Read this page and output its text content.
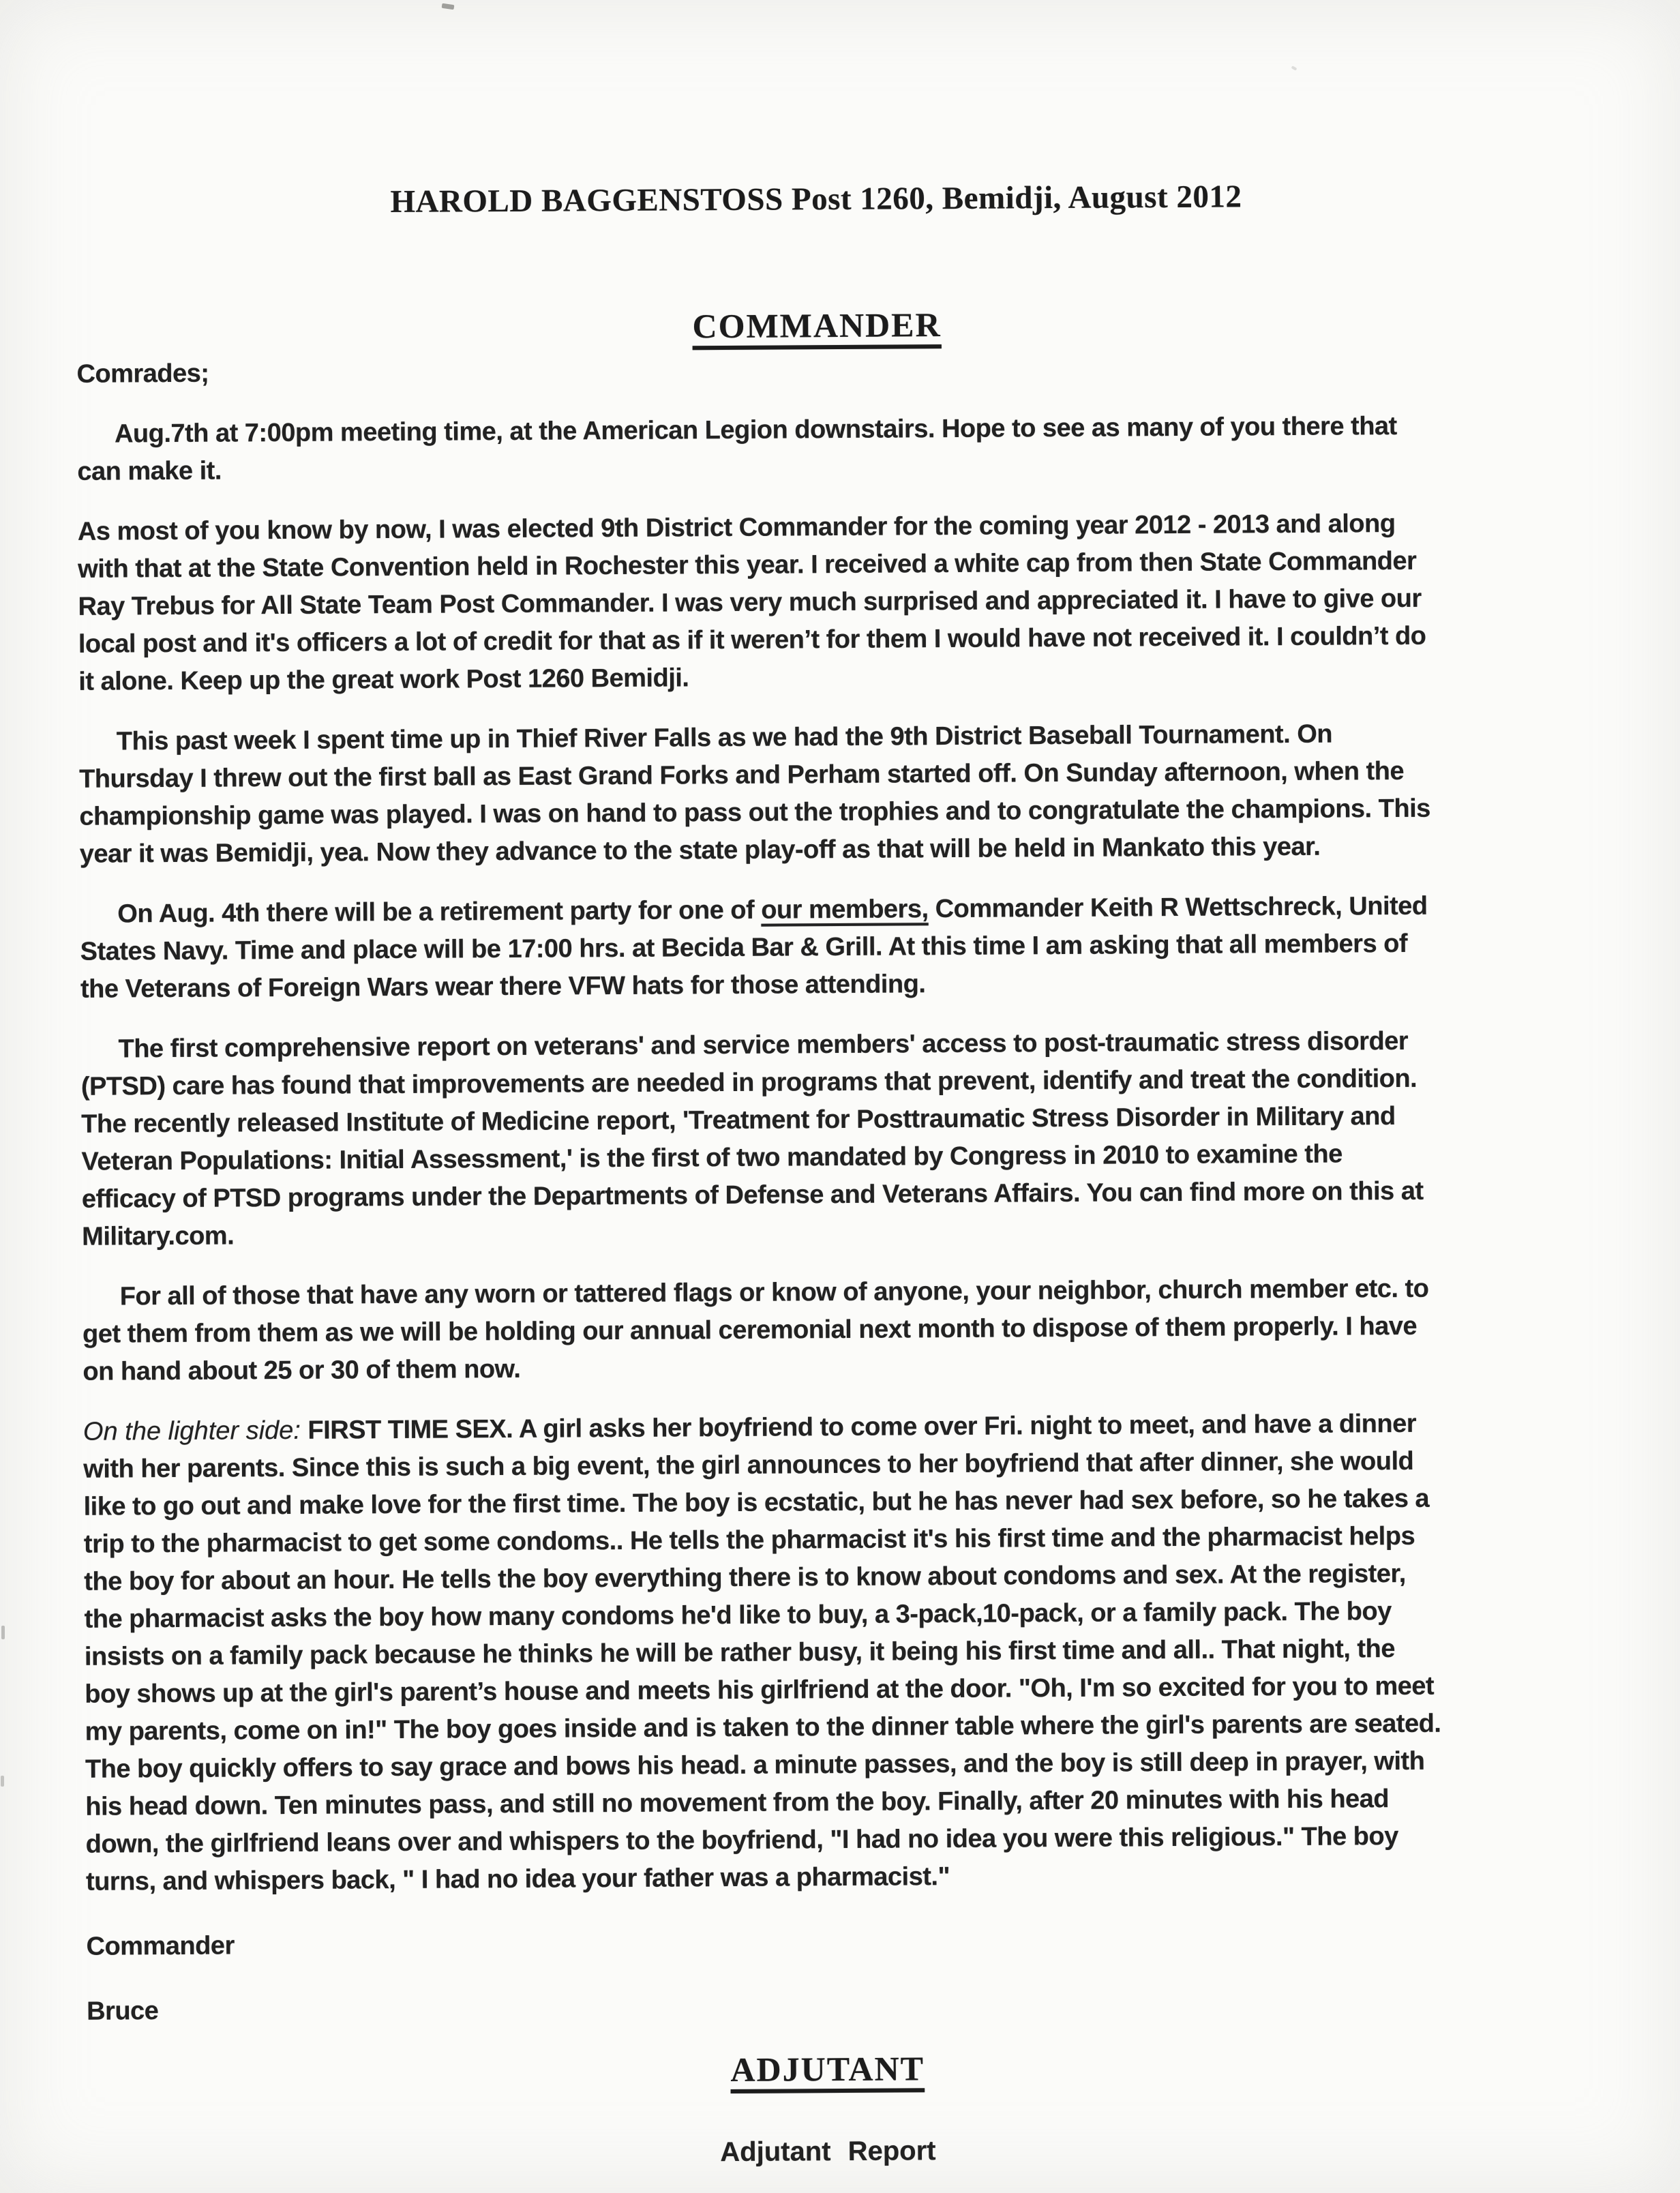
HAROLD BAGGENSTOSS Post 1260, Bemidji, August 2012
COMMANDER

Comrades;

Aug.7th at 7:00pm meeting time, at the American Legion downstairs. Hope to see as many of you there that
can make it.
As most of you know by now, I was elected 9th District Commander for the coming year 2012 - 2013 and along
with that at the State Convention held in Rochester this year. I received a white cap from then State Commander
Ray Trebus for All State Team Post Commander. I was very much surprised and appreciated it. I have to give our
local post and it's officers a lot of credit for that as if it weren’t for them I would have not received it. I couldn’t do
it alone. Keep up the great work Post 1260 Bemidji.
This past week I spent time up in Thief River Falls as we had the 9th District Baseball Tournament. On
Thursday I threw out the first ball as East Grand Forks and Perham started off. On Sunday afternoon, when the
championship game was played. I was on hand to pass out the trophies and to congratulate the champions. This
year it was Bemidji, yea. Now they advance to the state play-off as that will be held in Mankato this year.
On Aug. 4th there will be a retirement party for one of our members, Commander Keith R Wettschreck, United
States Navy. Time and place will be 17:00 hrs. at Becida Bar & Grill. At this time I am asking that all members of
the Veterans of Foreign Wars wear there VFW hats for those attending.
The first comprehensive report on veterans' and service members' access to post-traumatic stress disorder
(PTSD) care has found that improvements are needed in programs that prevent, identify and treat the condition.
The recently released Institute of Medicine report, 'Treatment for Posttraumatic Stress Disorder in Military and
Veteran Populations: Initial Assessment,' is the first of two mandated by Congress in 2010 to examine the
efficacy of PTSD programs under the Departments of Defense and Veterans Affairs. You can find more on this at
Military.com.
For all of those that have any worn or tattered flags or know of anyone, your neighbor, church member etc. to
get them from them as we will be holding our annual ceremonial next month to dispose of them properly. I have
on hand about 25 or 30 of them now.
On the lighter side: FIRST TIME SEX. A girl asks her boyfriend to come over Fri. night to meet, and have a dinner
with her parents. Since this is such a big event, the girl announces to her boyfriend that after dinner, she would
like to go out and make love for the first time. The boy is ecstatic, but he has never had sex before, so he takes a
trip to the pharmacist to get some condoms.. He tells the pharmacist it's his first time and the pharmacist helps
the boy for about an hour. He tells the boy everything there is to know about condoms and sex. At the register,
the pharmacist asks the boy how many condoms he'd like to buy, a 3-pack,10-pack, or a family pack. The boy
insists on a family pack because he thinks he will be rather busy, it being his first time and all.. That night, the
boy shows up at the girl's parent’s house and meets his girlfriend at the door. "Oh, I'm so excited for you to meet
my parents, come on in!" The boy goes inside and is taken to the dinner table where the girl's parents are seated.
The boy quickly offers to say grace and bows his head. a minute passes, and the boy is still deep in prayer, with
his head down. Ten minutes pass, and still no movement from the boy. Finally, after 20 minutes with his head
down, the girlfriend leans over and whispers to the boyfriend, "I had no idea you were this religious." The boy
turns, and whispers back, " I had no idea your father was a pharmacist."

Commander

Bruce

ADJUTANT

Adjutant Report
